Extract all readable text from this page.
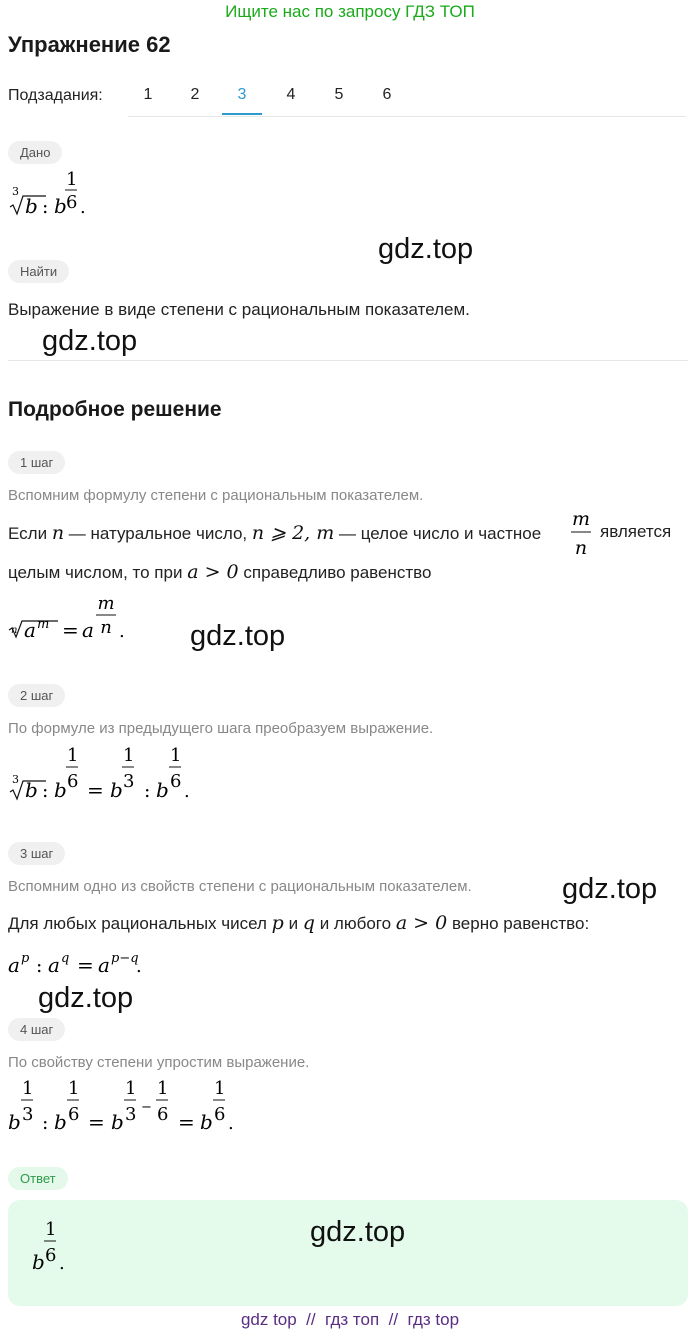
Ищите нас по запросу ГДЗ ТОП
Упражнение 62
Подзадания:	1	2	3	4	5	6
Дано
3
b : b
1
6 .
gdz.top
Найти
Выражение в виде степени с рациональным показателем.
gdz.top
Подробное решение
1 шаг
Вспомним формулу степени с рациональным показателем.
Если n — натуральное число, n ⩾ 2, m — целое число и частное
m
n
является
целым числом, то при a > 0 справедливо равенство
n a m = a
m
n . gdz.top
2 шаг
По формуле из предыдущего шага преобразуем выражение.
3 b : b
1
6 = b
1
3 : b
1
6 .
3 шаг
Вспомним одно из свойств степени с рациональным показателем.	gdz.top
Для любых рациональных чисел p и q и любого a > 0 верно равенство:
a p : a q = a p−q
.
gdz.top
4 шаг
По свойству степени упростим выражение.
b
1
3 : b
1
6 = b
1
3 −
1
6 = b
1
6 .
Ответ
b
1
6 .
gdz.top
gdz top  //  гдз топ  //  гдз top
